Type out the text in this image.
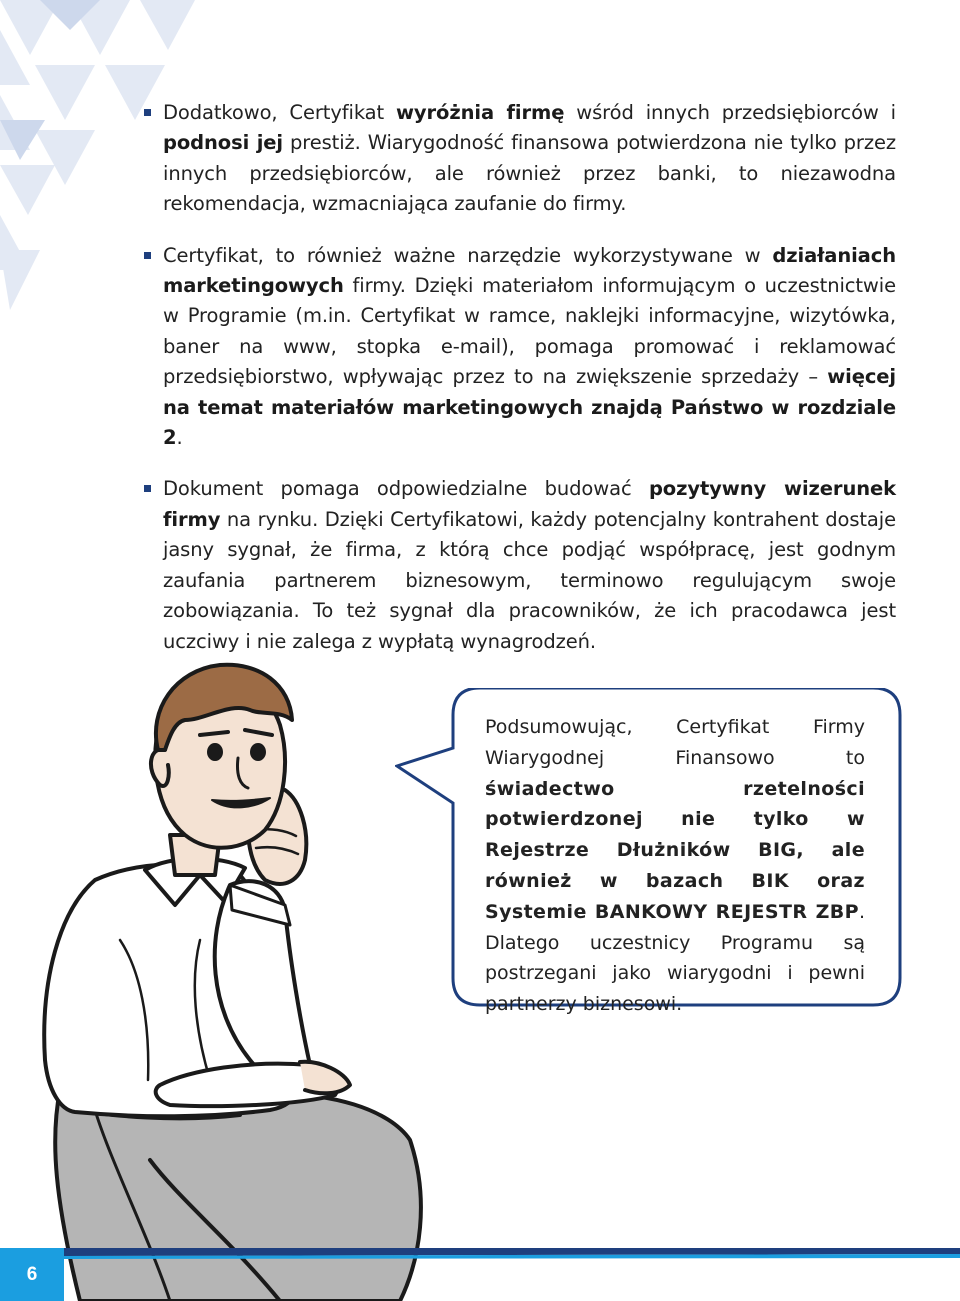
Dodatkowo, Certyfikat wyróżnia firmę wśród innych przedsiębiorców i podnosi jej prestiż. Wiarygodność finansowa potwierdzona nie tylko przez innych przedsiębiorców, ale również przez banki, to niezawodna rekomendacja, wzmacniająca zaufanie do firmy.
Certyfikat, to również ważne narzędzie wykorzystywane w działaniach marketingowych firmy. Dzięki materiałom informującym o uczestnictwie w Programie (m.in. Certyfikat w ramce, naklejki informacyjne, wizytówka, baner na www, stopka e-mail), pomaga promować i reklamować przedsiębiorstwo, wpływając przez to na zwiększenie sprzedaży – więcej na temat materiałów marketingowych znajdą Państwo w rozdziale 2.
Dokument pomaga odpowiedzialne budować pozytywny wizerunek firmy na rynku. Dzięki Certyfikatowi, każdy potencjalny kontrahent dostaje jasny sygnał, że firma, z którą chce podjąć współpracę, jest godnym zaufania partnerem biznesowym, terminowo regulującym swoje zobowiązania. To też sygnał dla pracowników, że ich pracodawca jest uczciwy i nie zalega z wypłatą wynagrodzeń.
Podsumowując, Certyfikat Firmy Wiarygodnej Finansowo to świadectwo rzetelności potwierdzonej nie tylko w Rejestrze Dłużników BIG, ale również w bazach BIK oraz Systemie BANKOWY REJESTR ZBP. Dlatego uczestnicy Programu są postrzegani jako wiarygodni i pewni partnerzy biznesowi.
6
